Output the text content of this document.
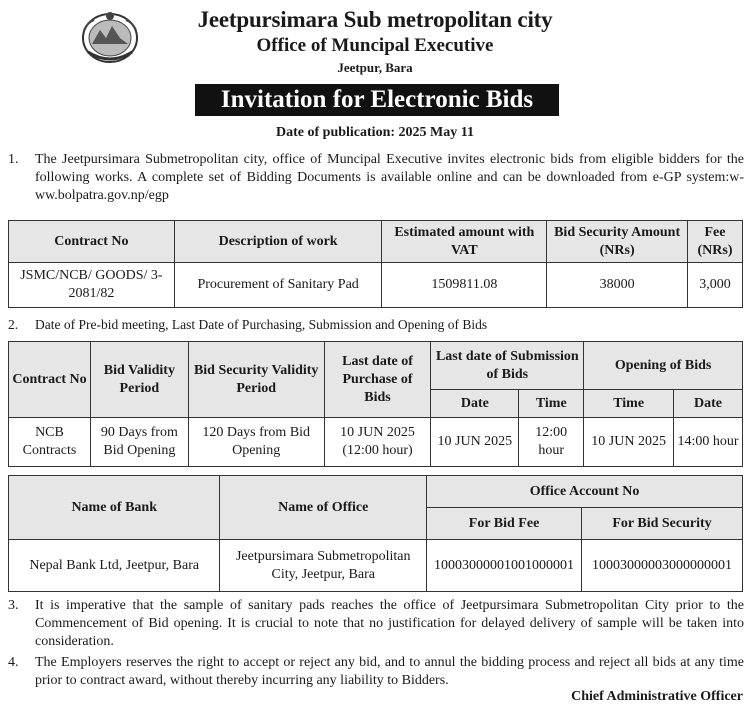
Jeetpursimara Sub metropolitan city
Office of Muncipal Executive
Jeetpur, Bara
Invitation for Electronic Bids
Date of publication: 2025 May 11
1. The Jeetpursimara Submetropolitan city, office of Muncipal Executive invites electronic bids from eligible bidders for the following works. A complete set of Bidding Documents is available online and can be downloaded from e-GP system:w-ww.bolpatra.gov.np/egp
Contract No	Description of work	Estimated amount with VAT	Bid Security Amount (NRs)	Fee (NRs)
JSMC/NCB/ GOODS/ 3-2081/82	Procurement of Sanitary Pad	1509811.08	38000	3,000
2. Date of Pre-bid meeting, Last Date of Purchasing, Submission and Opening of Bids
Contract No	Bid Validity Period	Bid Security Validity Period	Last date of Purchase of Bids	Last date of Submission of Bids		Opening of Bids	
				Date	Time	Time	Date
NCB Contracts	90 Days from Bid Opening	120 Days from Bid Opening	10 JUN 2025 (12:00 hour)	10 JUN 2025	12:00 hour	10 JUN 2025	14:00 hour
Name of Bank	Name of Office	Office Account No	
		For Bid Fee	For Bid Security
Nepal Bank Ltd, Jeetpur, Bara	Jeetpursimara Submetropolitan City, Jeetpur, Bara	10003000001001000001	10003000003000000001
3. It is imperative that the sample of sanitary pads reaches the office of Jeetpursimara Submetropolitan City prior to the Commencement of Bid opening. It is crucial to note that no justification for delayed delivery of sample will be taken into consideration.
4. The Employers reserves the right to accept or reject any bid, and to annul the bidding process and reject all bids at any time prior to contract award, without thereby incurring any liability to Bidders.
Chief Administrative Officer
